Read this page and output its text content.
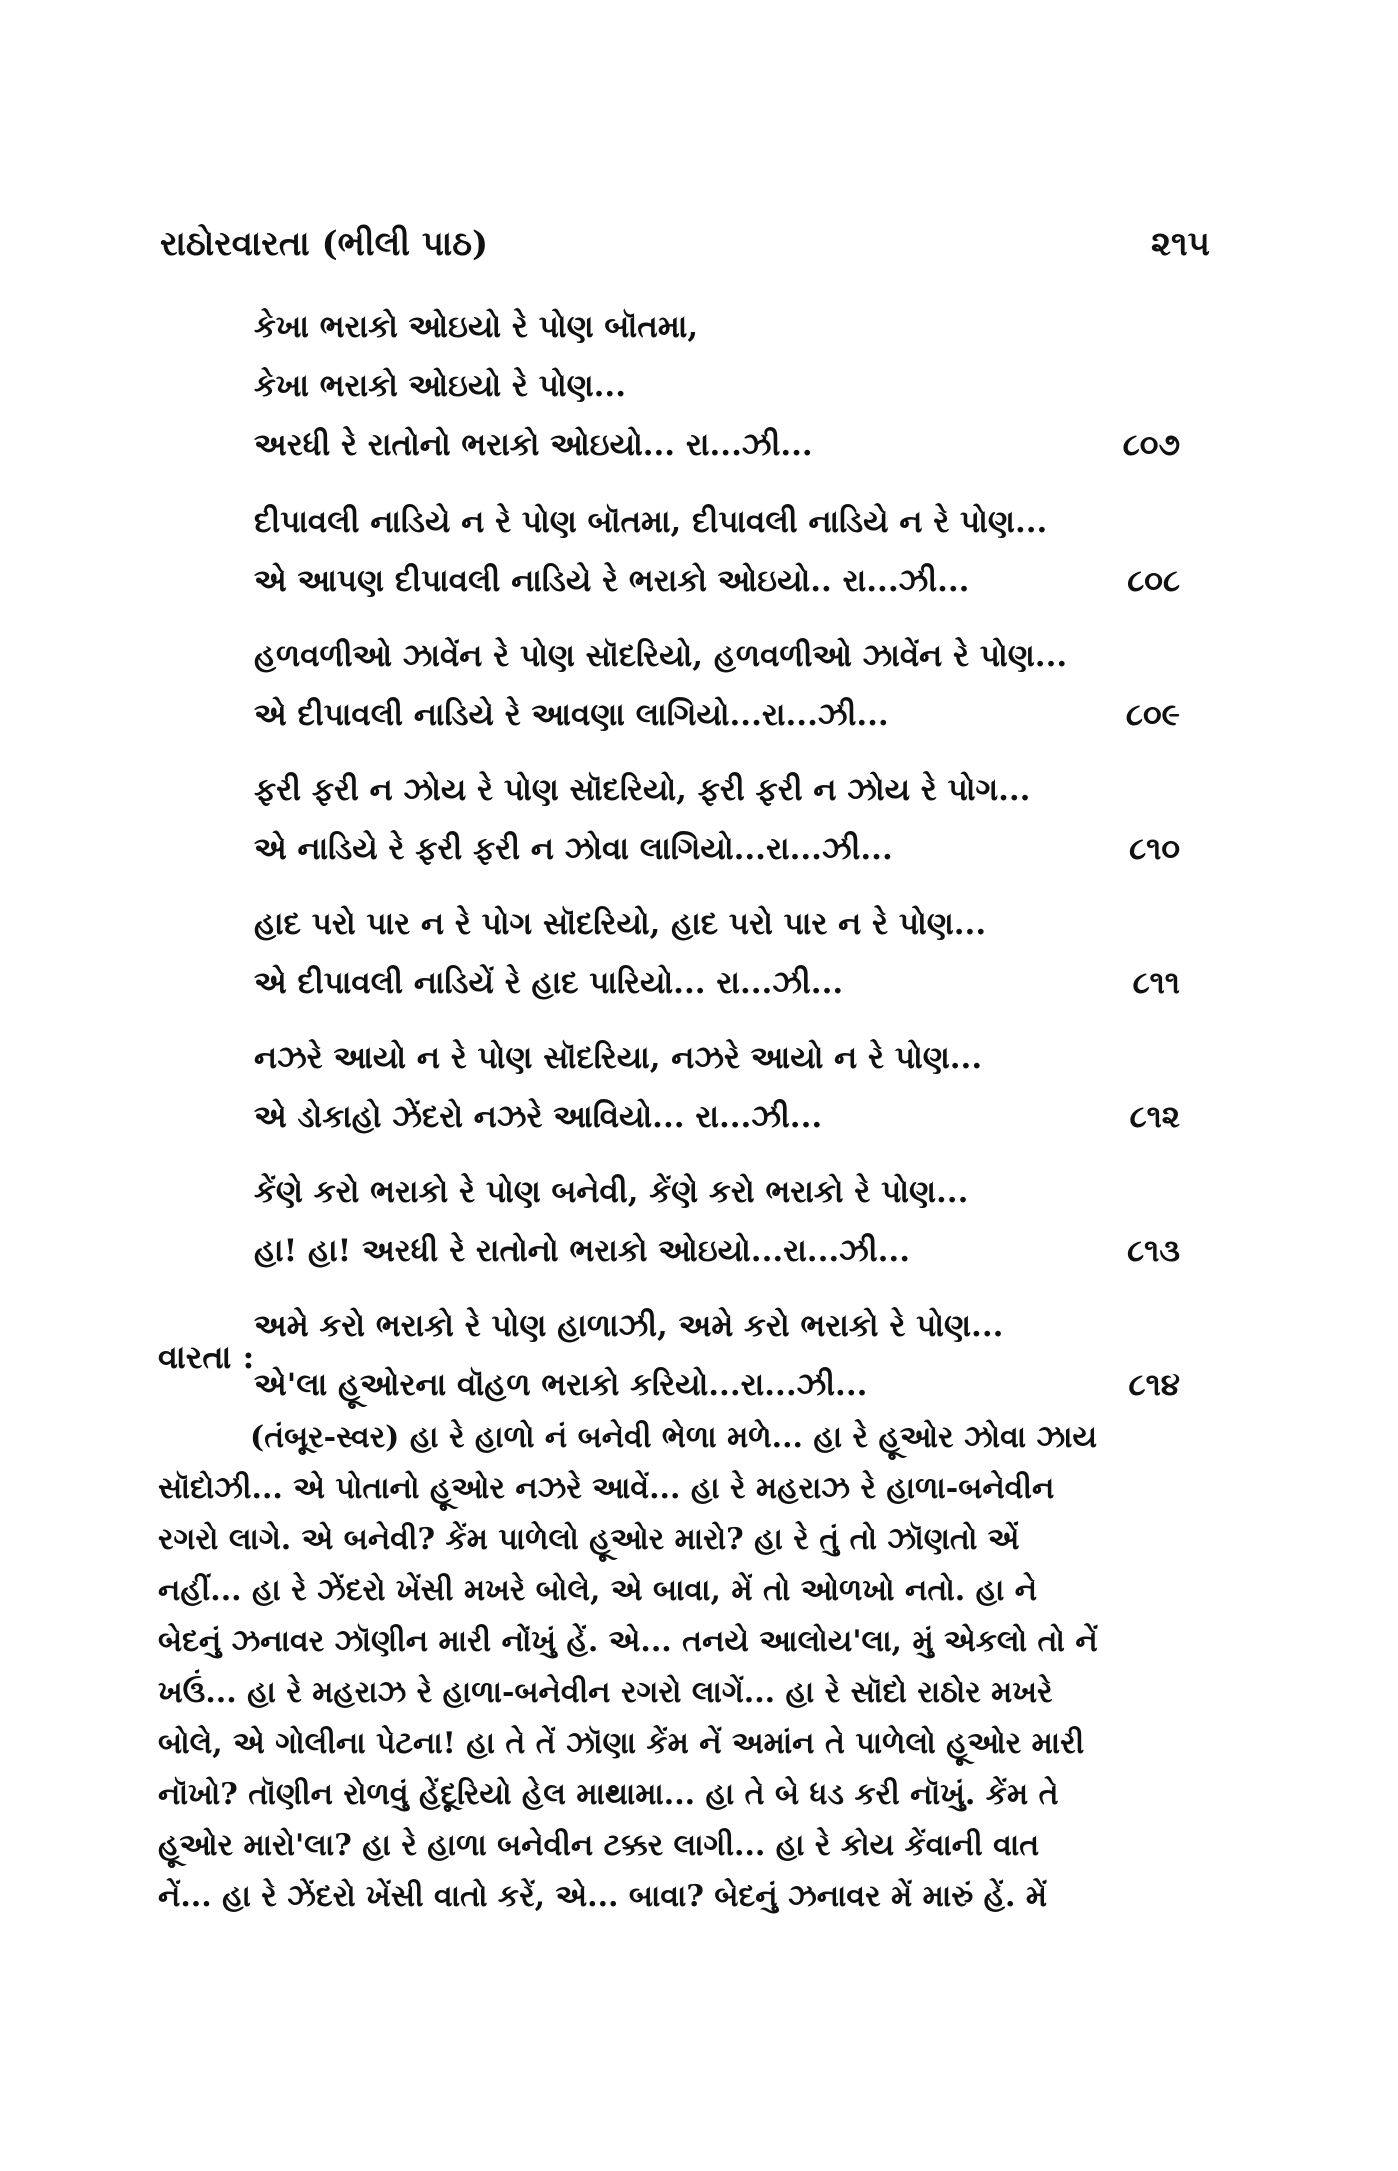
રાઠોરવારતા (ભીલી પાઠ)	૨૧૫
કેખા ભરાકો ઓઇયો રે પોણ બૉતમા,
કેખા ભરાકો ઓઇયો રે પોણ...
અરધી રે રાતોનો ભરાકો ઓઇયો... રા...ઝી...	૮૦૭
દીપાવલી નાડિયે ન રે પોણ બૉતમા, દીપાવલી નાડિયે ન રે પોણ...
એ આપણ દીપાવલી નાડિયે રે ભરાકો ઓઇયો.. રા...ઝી...	૮૦૮
હળવળીઓ ઝાવેંન રે પોણ સૉદરિયો, હળવળીઓ ઝાવેંન રે પોણ...
એ દીપાવલી નાડિયે રે આવણા લાગિયો...રા...ઝી...	૮૦૯
ફરી ફરી ન ઝોય રે પોણ સૉદરિયો, ફરી ફરી ન ઝોય રે પોગ...
એ નાડિયે રે ફરી ફરી ન ઝોવા લાગિયો...રા...ઝી...	૮૧૦
હાદ પરો પાર ન રે પોગ સૉદરિયો, હાદ પરો પાર ન રે પોણ...
એ દીપાવલી નાડિયેં રે હાદ પારિયો... રા...ઝી...	૮૧૧
નઝરે આયો ન રે પોણ સૉદરિયા, નઝરે આયો ન રે પોણ...
એ ડોકાહો ઝેંદરો નઝરે આવિયો... રા...ઝી...	૮૧૨
કેંણે કરો ભરાકો રે પોણ બનેવી, કેંણે કરો ભરાકો રે પોણ...
હા! હા! અરધી રે રાતોનો ભરાકો ઓઇયો...રા...ઝી...	૮૧૩
અમે કરો ભરાકો રે પોણ હાળાઝી, અમે કરો ભરાકો રે પોણ...
એ'લા હૂઓરના વૉહળ ભરાકો કરિયો...રા...ઝી...	૮૧૪
વારતા :
(તંબૂર-સ્વર) હા રે હાળો નં બનેવી ભેળા મળે... હા રે હૂઓર ઝોવા ઝાય
સૉદોઝી... એ પોતાનો હૂઓર નઝરે આવેં... હા રે મહરાઝ રે હાળા-બનેવીન
રગરો લાગે. એ બનેવી? કેંમ પાળેલો હૂઓર મારો? હા રે તું તો ઝૉણતો એં
નહીં... હા રે ઝેંદરો ખેંસી મખરે બોલે, એ બાવા, મેં તો ઓળખો નતો. હા ને
બેદનું ઝનાવર ઝૉણીન મારી નોંખું હેં. એ... તનયે આલોય'લા, મું એકલો તો નેં
ખઉં... હા રે મહરાઝ રે હાળા-બનેવીન રગરો લાગેં... હા રે સૉદો રાઠોર મખરે
બોલે, એ ગોલીના પેટના! હા તે તેં ઝૉણા કેંમ નેં અમાંન તે પાળેલો હૂઓર મારી
નૉખો? તૉણીન રોળવું હેંદૂરિયો હેલ માથામા... હા તે બે ધડ કરી નૉખું. કેંમ તે
હૂઓર મારો'લા? હા રે હાળા બનેવીન ટક્કર લાગી... હા રે કોય કેંવાની વાત
નેં... હા રે ઝેંદરો ખેંસી વાતો કરેં, એ... બાવા? બેદનું ઝનાવર મેં મારું હેં. મેં
